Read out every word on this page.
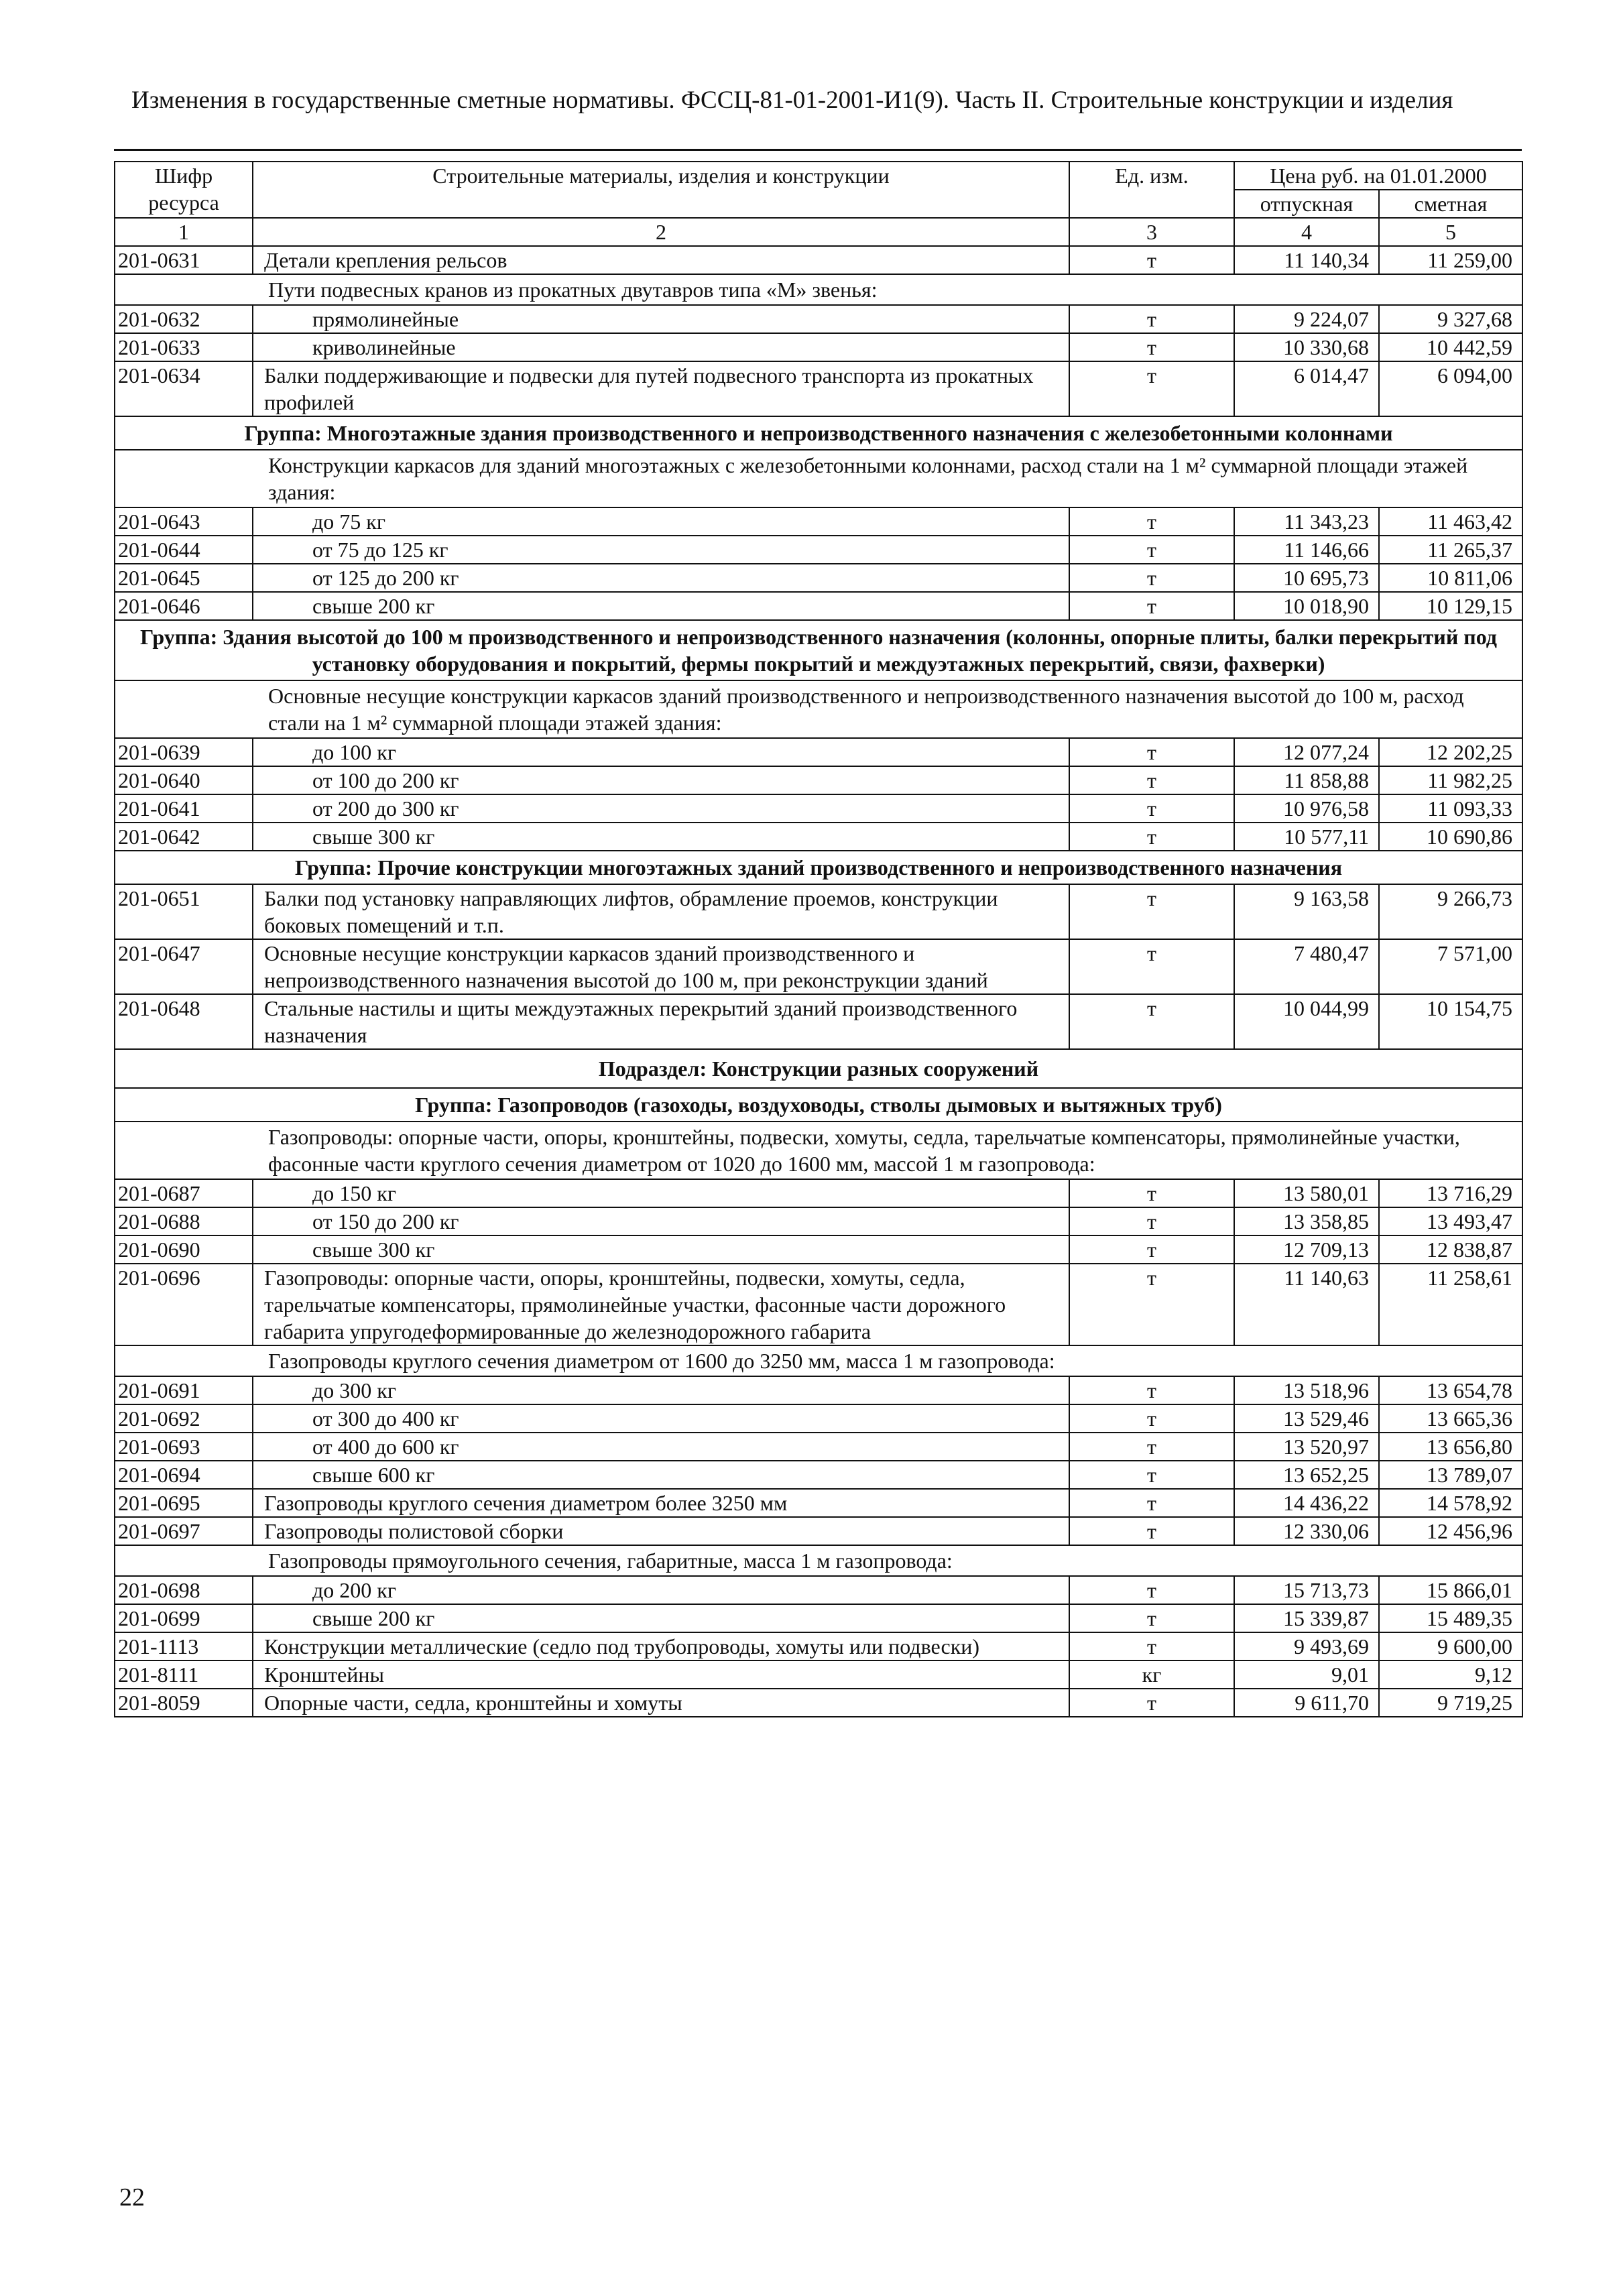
Изменения в государственные сметные нормативы. ФССЦ-81-01-2001-И1(9). Часть II. Строительные конструкции и изделия
Шифр ресурса	Строительные материалы, изделия и конструкции	Ед. изм.	Цена руб. на 01.01.2000	
			отпускная	сметная
1	2	3	4	5
201-0631	Детали крепления рельсов	т	11 140,34	11 259,00
Пути подвесных кранов из прокатных двутавров типа «М» звенья:				
201-0632	прямолинейные	т	9 224,07	9 327,68
201-0633	криволинейные	т	10 330,68	10 442,59
201-0634	Балки поддерживающие и подвески для путей подвесного транспорта из прокатных профилей	т	6 014,47	6 094,00
Группа: Многоэтажные здания производственного и непроизводственного назначения с железобетонными колоннами				
Конструкции каркасов для зданий многоэтажных с железобетонными колоннами, расход стали на 1 м² суммарной площади этажей здания:				
201-0643	до 75 кг	т	11 343,23	11 463,42
201-0644	от 75 до 125 кг	т	11 146,66	11 265,37
201-0645	от 125 до 200 кг	т	10 695,73	10 811,06
201-0646	свыше 200 кг	т	10 018,90	10 129,15
Группа: Здания высотой до 100 м производственного и непроизводственного назначения (колонны, опорные плиты, балки перекрытий под установку оборудования и покрытий, фермы покрытий и междуэтажных перекрытий, связи, фахверки)				
Основные несущие конструкции каркасов зданий производственного и непроизводственного назначения высотой до 100 м, расход стали на 1 м² суммарной площади этажей здания:				
201-0639	до 100 кг	т	12 077,24	12 202,25
201-0640	от 100 до 200 кг	т	11 858,88	11 982,25
201-0641	от 200 до 300 кг	т	10 976,58	11 093,33
201-0642	свыше 300 кг	т	10 577,11	10 690,86
Группа: Прочие конструкции многоэтажных зданий производственного и непроизводственного назначения				
201-0651	Балки под установку направляющих лифтов, обрамление проемов, конструкции боковых помещений и т.п.	т	9 163,58	9 266,73
201-0647	Основные несущие конструкции каркасов зданий производственного и непроизводственного назначения высотой до 100 м, при реконструкции зданий	т	7 480,47	7 571,00
201-0648	Стальные настилы и щиты междуэтажных перекрытий зданий производственного назначения	т	10 044,99	10 154,75
Подраздел: Конструкции разных сооружений				
Группа: Газопроводов (газоходы, воздуховоды, стволы дымовых и вытяжных труб)				
Газопроводы: опорные части, опоры, кронштейны, подвески, хомуты, седла, тарельчатые компенсаторы, прямолинейные участки, фасонные части круглого сечения диаметром от 1020 до 1600 мм, массой 1 м газопровода:				
201-0687	до 150 кг	т	13 580,01	13 716,29
201-0688	от 150 до 200 кг	т	13 358,85	13 493,47
201-0690	свыше 300 кг	т	12 709,13	12 838,87
201-0696	Газопроводы: опорные части, опоры, кронштейны, подвески, хомуты, седла, тарельчатые компенсаторы, прямолинейные участки, фасонные части дорожного габарита упругодеформированные до железнодорожного габарита	т	11 140,63	11 258,61
Газопроводы круглого сечения диаметром от 1600 до 3250 мм, масса 1 м газопровода:				
201-0691	до 300 кг	т	13 518,96	13 654,78
201-0692	от 300 до 400 кг	т	13 529,46	13 665,36
201-0693	от 400 до 600 кг	т	13 520,97	13 656,80
201-0694	свыше 600 кг	т	13 652,25	13 789,07
201-0695	Газопроводы круглого сечения диаметром более 3250 мм	т	14 436,22	14 578,92
201-0697	Газопроводы полистовой сборки	т	12 330,06	12 456,96
Газопроводы прямоугольного сечения, габаритные, масса 1 м газопровода:				
201-0698	до 200 кг	т	15 713,73	15 866,01
201-0699	свыше 200 кг	т	15 339,87	15 489,35
201-1113	Конструкции металлические (седло под трубопроводы, хомуты или подвески)	т	9 493,69	9 600,00
201-8111	Кронштейны	кг	9,01	9,12
201-8059	Опорные части, седла, кронштейны и хомуты	т	9 611,70	9 719,25
22
